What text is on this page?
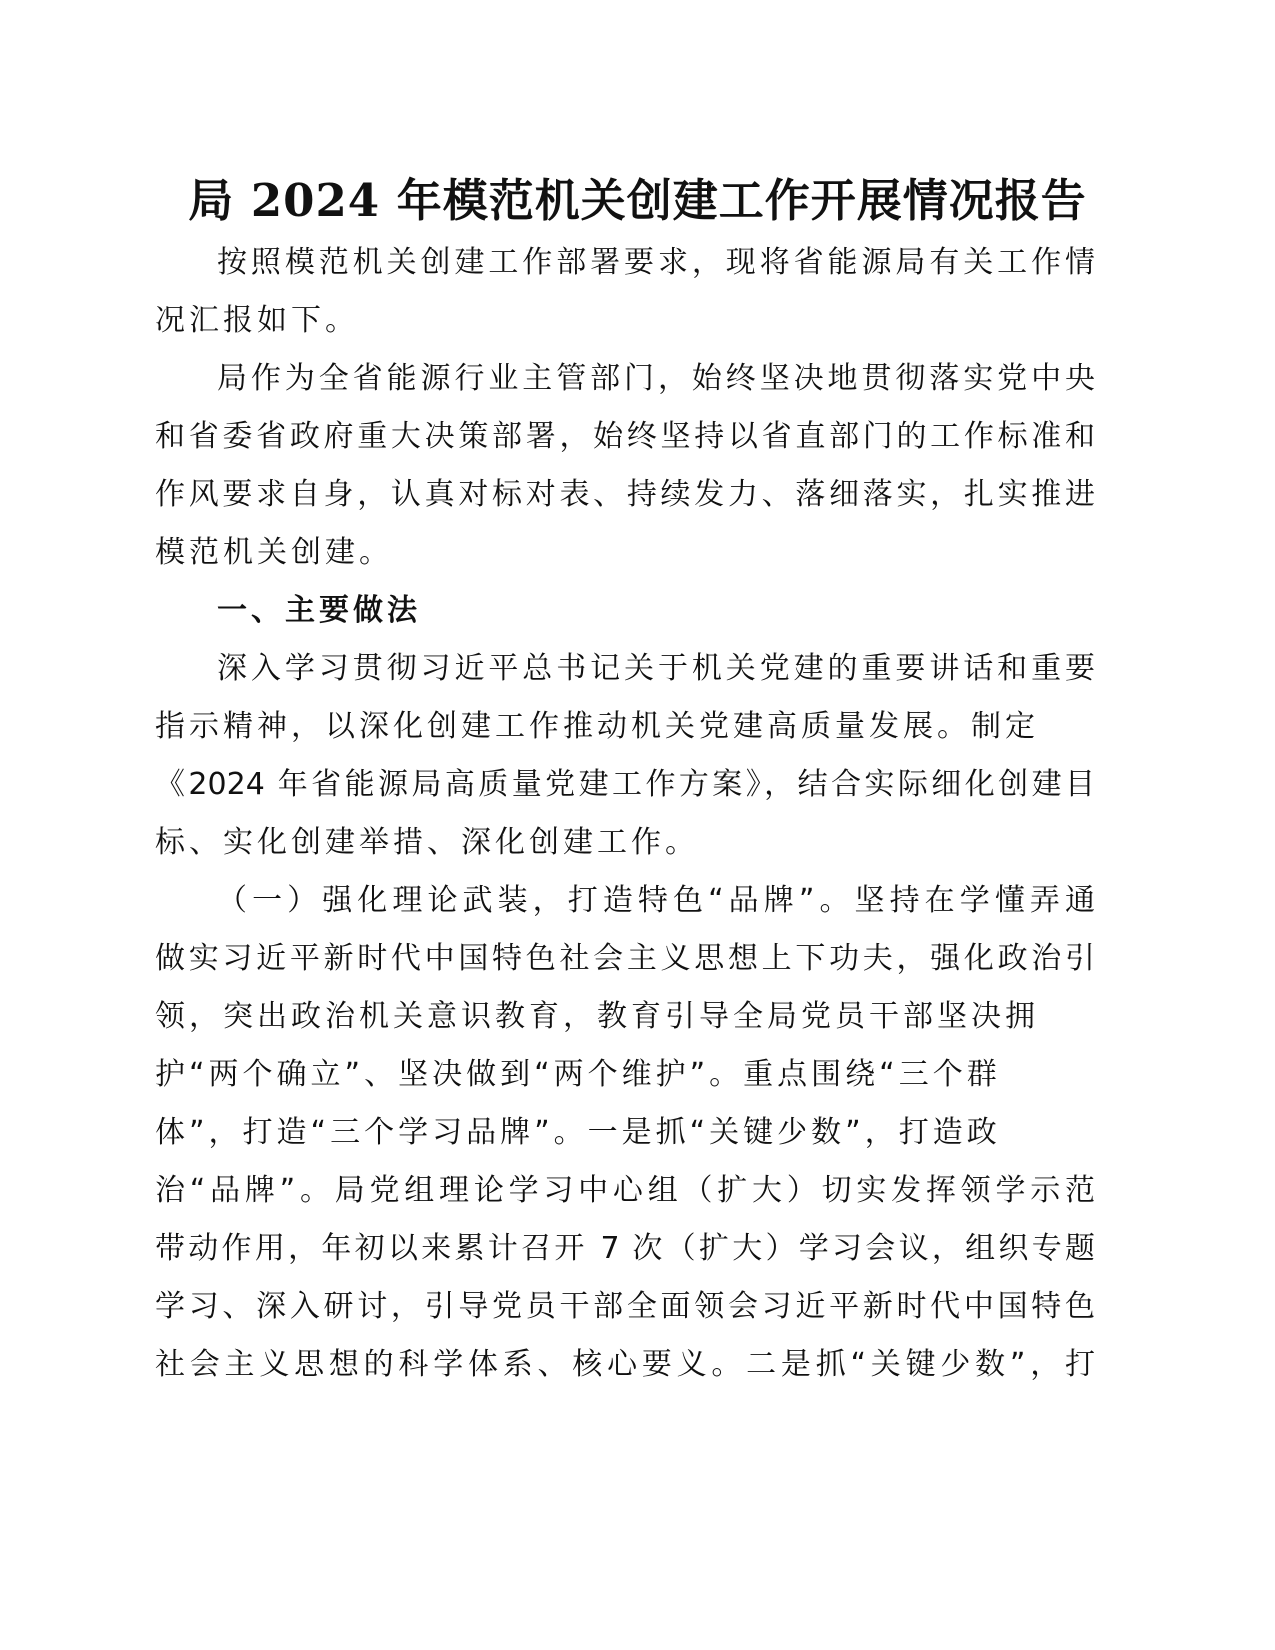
局 2024 年模范机关创建工作开展情况报告
按照模范机关创建工作部署要求，现将省能源局有关工作情
况汇报如下。
局作为全省能源行业主管部门，始终坚决地贯彻落实党中央
和省委省政府重大决策部署，始终坚持以省直部门的工作标准和
作风要求自身，认真对标对表、持续发力、落细落实，扎实推进
模范机关创建。
一、主要做法
深入学习贯彻习近平总书记关于机关党建的重要讲话和重要
指示精神，以深化创建工作推动机关党建高质量发展。制定
《2024 年省能源局高质量党建工作方案》，结合实际细化创建目
标、实化创建举措、深化创建工作。
（一）强化理论武装，打造特色“品牌”。坚持在学懂弄通
做实习近平新时代中国特色社会主义思想上下功夫，强化政治引
领，突出政治机关意识教育，教育引导全局党员干部坚决拥
护“两个确立”、坚决做到“两个维护”。重点围绕“三个群
体”，打造“三个学习品牌”。一是抓“关键少数”，打造政
治“品牌”。局党组理论学习中心组（扩大）切实发挥领学示范
带动作用，年初以来累计召开 7 次（扩大）学习会议，组织专题
学习、深入研讨，引导党员干部全面领会习近平新时代中国特色
社会主义思想的科学体系、核心要义。二是抓“关键少数”，打
